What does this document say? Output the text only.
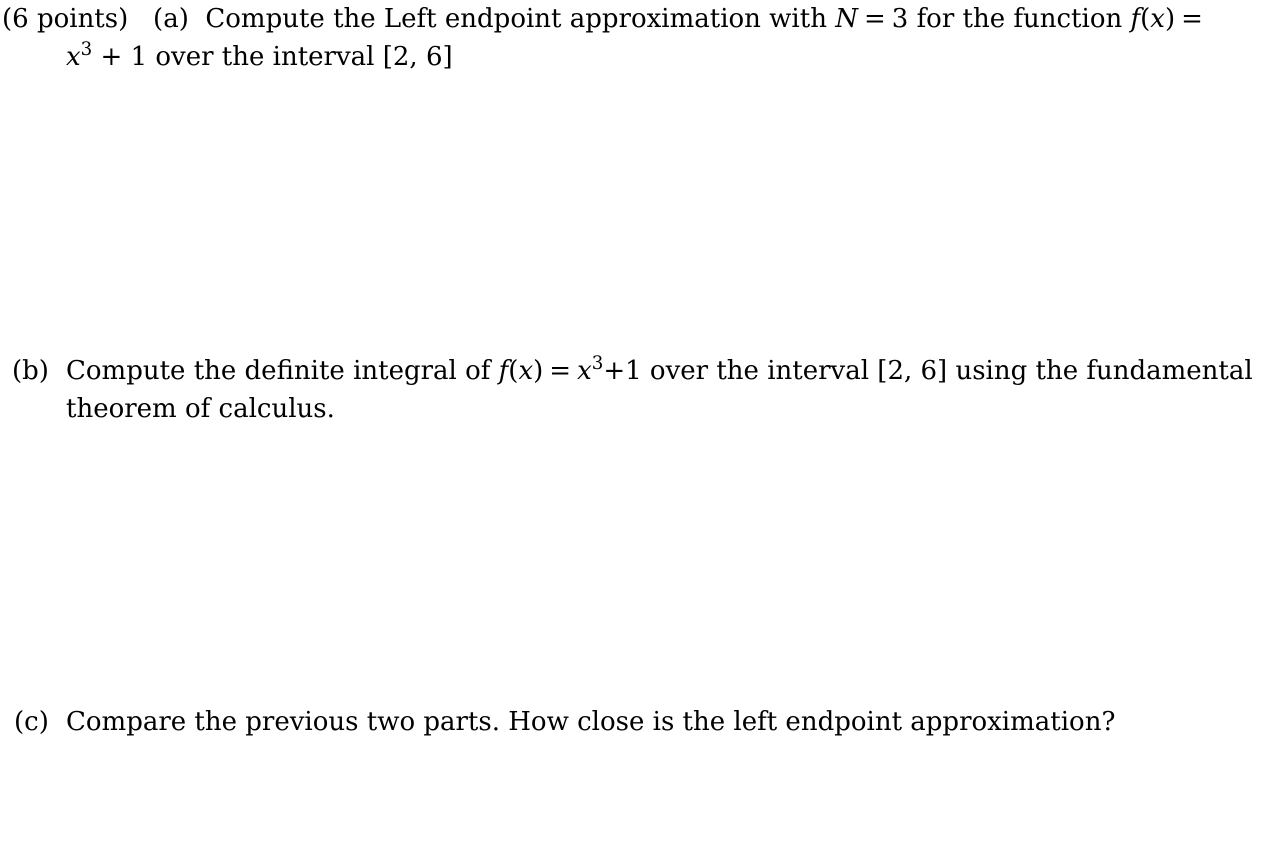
(6 points) (a) Compute the Left endpoint approximation with N = 3 for the function f(x) =
$x^3 + 1$ over the interval [2, 6]
(b) Compute the definite integral of $f(x) = x^3+1$ over the interval [2, 6] using the fundamental
theorem of calculus.
(c) Compare the previous two parts. How close is the left endpoint approximation?
